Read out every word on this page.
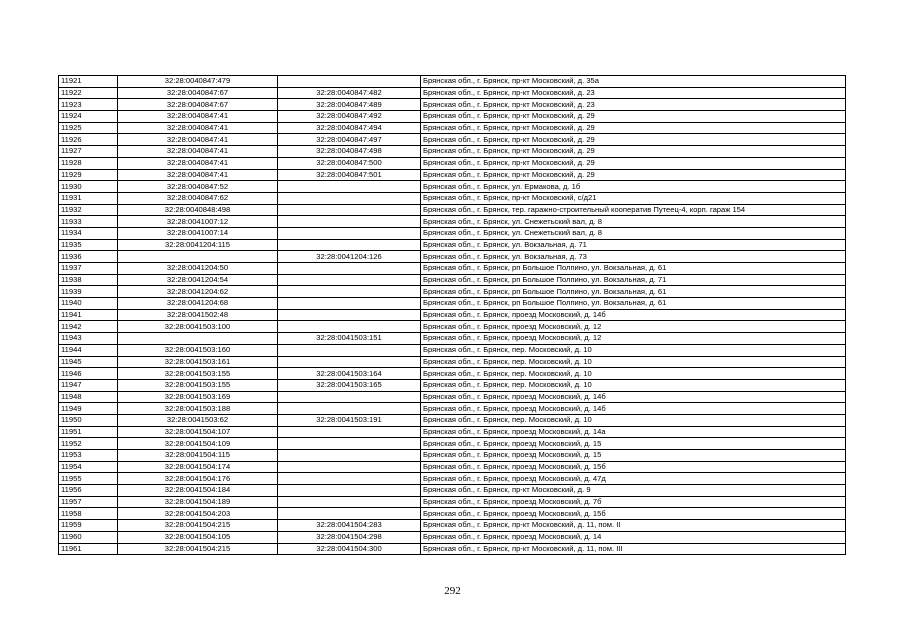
11921	32:28:0040847:479		Брянская обл., г. Брянск, пр-кт Московский, д. 35а
11922	32:28:0040847:67	32:28:0040847:482	Брянская обл., г. Брянск, пр-кт Московский, д. 23
11923	32:28:0040847:67	32:28:0040847:489	Брянская обл., г. Брянск, пр-кт Московский, д. 23
11924	32:28:0040847:41	32:28:0040847:492	Брянская обл., г. Брянск, пр-кт Московский, д. 29
11925	32:28:0040847:41	32:28:0040847:494	Брянская обл., г. Брянск, пр-кт Московский, д. 29
11926	32:28:0040847:41	32:28:0040847:497	Брянская обл., г. Брянск, пр-кт Московский, д. 29
11927	32:28:0040847:41	32:28:0040847:498	Брянская обл., г. Брянск, пр-кт Московский, д. 29
11928	32:28:0040847:41	32:28:0040847:500	Брянская обл., г. Брянск, пр-кт Московский, д. 29
11929	32:28:0040847:41	32:28:0040847:501	Брянская обл., г. Брянск, пр-кт Московский, д. 29
11930	32:28:0040847:52		Брянская обл., г. Брянск, ул. Ермакова, д. 1б
11931	32:28:0040847:62		Брянская обл., г. Брянск, пр-кт Московский, с/д21
11932	32:28:0040848:498		Брянская обл., г. Брянск, тер. гаражно-строительный кооператив Путеец-4, корп. гараж 154
11933	32:28:0041007:12		Брянская обл., г. Брянск, ул. Снежетьский вал, д. 8
11934	32:28:0041007:14		Брянская обл., г. Брянск, ул. Снежетьский вал, д. 8
11935	32:28:0041204:115		Брянская обл., г. Брянск, ул. Вокзальная, д. 71
11936		32:28:0041204:126	Брянская обл., г. Брянск, ул. Вокзальная, д. 73
11937	32:28:0041204:50		Брянская обл., г. Брянск, рп Большое Полпино, ул. Вокзальная, д. 61
11938	32:28:0041204:54		Брянская обл., г. Брянск, рп Большое Полпино, ул. Вокзальная, д. 71
11939	32:28:0041204:62		Брянская обл., г. Брянск, рп Большое Полпино, ул. Вокзальная, д. 61
11940	32:28:0041204:68		Брянская обл., г. Брянск, рп Большое Полпино, ул. Вокзальная, д. 61
11941	32:28:0041502:48		Брянская обл., г. Брянск, проезд Московский, д. 14б
11942	32:28:0041503:100		Брянская обл., г. Брянск, проезд Московский, д. 12
11943		32:28:0041503:151	Брянская обл., г. Брянск, проезд Московский, д. 12
11944	32:28:0041503:160		Брянская обл., г. Брянск, пер. Московский, д. 10
11945	32:28:0041503:161		Брянская обл., г. Брянск, пер. Московский, д. 10
11946	32:28:0041503:155	32:28:0041503:164	Брянская обл., г. Брянск, пер. Московский, д. 10
11947	32:28:0041503:155	32:28:0041503:165	Брянская обл., г. Брянск, пер. Московский, д. 10
11948	32:28:0041503:169		Брянская обл., г. Брянск, проезд Московский, д. 14б
11949	32:28:0041503:188		Брянская обл., г. Брянск, проезд Московский, д. 14б
11950	32:28:0041503:62	32:28:0041503:191	Брянская обл., г. Брянск, пер. Московский, д. 10
11951	32:28:0041504:107		Брянская обл., г. Брянск, проезд Московский, д. 14а
11952	32:28:0041504:109		Брянская обл., г. Брянск, проезд Московский, д. 15
11953	32:28:0041504:115		Брянская обл., г. Брянск, проезд Московский, д. 15
11954	32:28:0041504:174		Брянская обл., г. Брянск, проезд Московский, д. 15б
11955	32:28:0041504:176		Брянская обл., г. Брянск, проезд Московский, д. 47д
11956	32:28:0041504:184		Брянская обл., г. Брянск, пр-кт Московский, д. 9
11957	32:28:0041504:189		Брянская обл., г. Брянск, проезд Московский, д. 7б
11958	32:28:0041504:203		Брянская обл., г. Брянск, проезд Московский, д. 15б
11959	32:28:0041504:215	32:28:0041504:283	Брянская обл., г. Брянск, пр-кт Московский, д. 11, пом. II
11960	32:28:0041504:105	32:28:0041504:298	Брянская обл., г. Брянск, проезд Московский, д. 14
11961	32:28:0041504:215	32:28:0041504:300	Брянская обл., г. Брянск, пр-кт Московский, д. 11, пом. III
292
